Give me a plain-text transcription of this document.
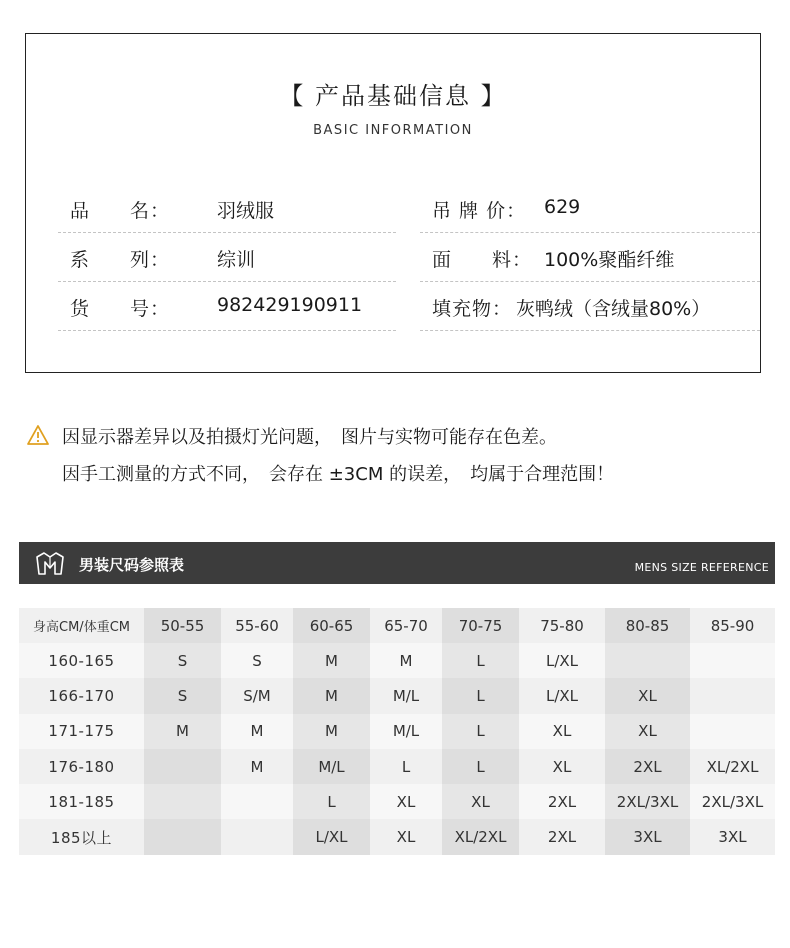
【 产品基础信息 】
BASIC INFORMATION
品　　名： 羽绒服	吊 牌 价： 629
系　　列： 综训	面　　料： 100%聚酯纤维
货　　号： 982429190911	填充物： 灰鸭绒（含绒量80%）
因显示器差异以及拍摄灯光问题，　图片与实物可能存在色差。
因手工测量的方式不同，　会存在 ±3CM 的误差，　均属于合理范围！
男装尺码参照表	MENS SIZE REFERENCE
身高CM/体重CM	50-55	55-60	60-65	65-70	70-75	75-80	80-85	85-90
160-165	S	S	M	M	L	L/XL		
166-170	S	S/M	M	M/L	L	L/XL	XL	
171-175	M	M	M	M/L	L	XL	XL	
176-180		M	M/L	L	L	XL	2XL	XL/2XL
181-185			L	XL	XL	2XL	2XL/3XL	2XL/3XL
185以上			L/XL	XL	XL/2XL	2XL	3XL	3XL
